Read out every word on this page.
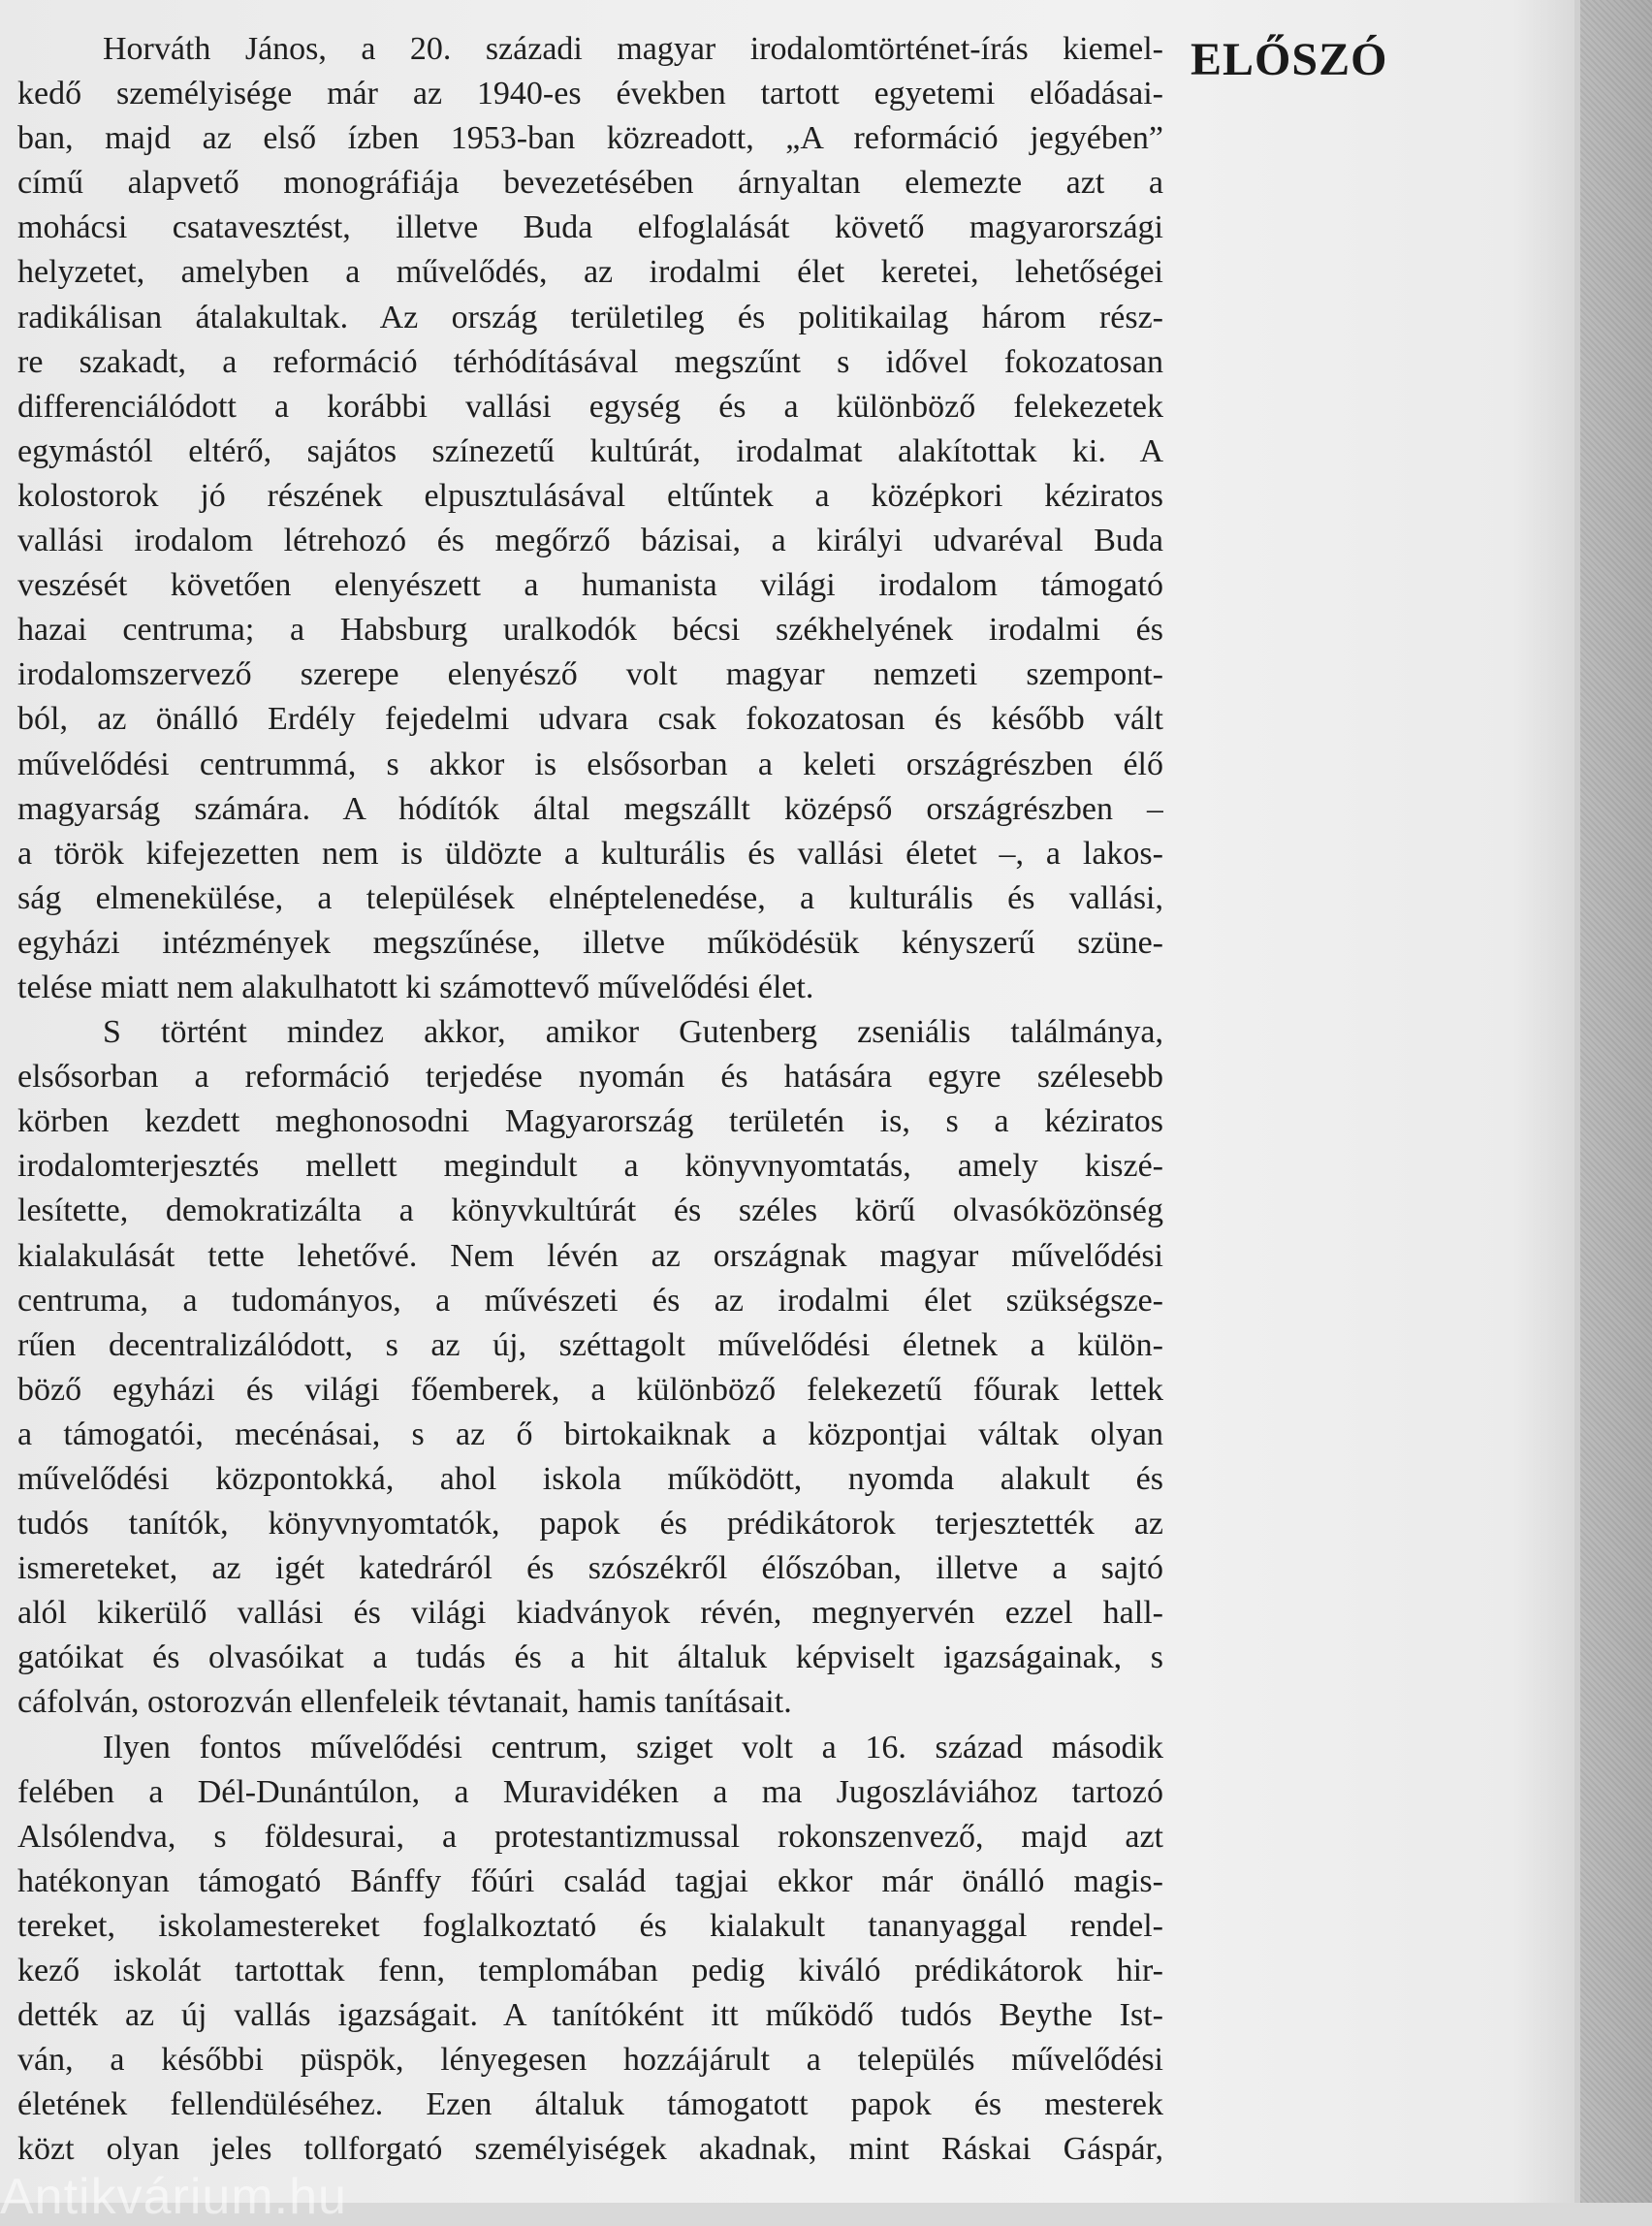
ELŐSZÓ
Horváth János, a 20. századi magyar irodalomtörténet-írás kiemel-
kedő személyisége már az 1940-es években tartott egyetemi előadásai-
ban, majd az első ízben 1953-ban közreadott, „A reformáció jegyében”
című alapvető monográfiája bevezetésében árnyaltan elemezte azt a
mohácsi csatavesztést, illetve Buda elfoglalását követő magyarországi
helyzetet, amelyben a művelődés, az irodalmi élet keretei, lehetőségei
radikálisan átalakultak. Az ország területileg és politikailag három rész-
re szakadt, a reformáció térhódításával megszűnt s idővel fokozatosan
differenciálódott a korábbi vallási egység és a különböző felekezetek
egymástól eltérő, sajátos színezetű kultúrát, irodalmat alakítottak ki. A
kolostorok jó részének elpusztulásával eltűntek a középkori kéziratos
vallási irodalom létrehozó és megőrző bázisai, a királyi udvaréval Buda
veszését követően elenyészett a humanista világi irodalom támogató
hazai centruma; a Habsburg uralkodók bécsi székhelyének irodalmi és
irodalomszervező szerepe elenyésző volt magyar nemzeti szempont-
ból, az önálló Erdély fejedelmi udvara csak fokozatosan és később vált
művelődési centrummá, s akkor is elsősorban a keleti országrészben élő
magyarság számára. A hódítók által megszállt középső országrészben –
a török kifejezetten nem is üldözte a kulturális és vallási életet –, a lakos-
ság elmenekülése, a települések elnéptelenedése, a kulturális és vallási,
egyházi intézmények megszűnése, illetve működésük kényszerű szüne-
telése miatt nem alakulhatott ki számottevő művelődési élet.
S történt mindez akkor, amikor Gutenberg zseniális találmánya,
elsősorban a reformáció terjedése nyomán és hatására egyre szélesebb
körben kezdett meghonosodni Magyarország területén is, s a kéziratos
irodalomterjesztés mellett megindult a könyvnyomtatás, amely kiszé-
lesítette, demokratizálta a könyvkultúrát és széles körű olvasóközönség
kialakulását tette lehetővé. Nem lévén az országnak magyar művelődési
centruma, a tudományos, a művészeti és az irodalmi élet szükségsze-
rűen decentralizálódott, s az új, széttagolt művelődési életnek a külön-
böző egyházi és világi főemberek, a különböző felekezetű főurak lettek
a támogatói, mecénásai, s az ő birtokaiknak a központjai váltak olyan
művelődési központokká, ahol iskola működött, nyomda alakult és
tudós tanítók, könyvnyomtatók, papok és prédikátorok terjesztették az
ismereteket, az igét katedráról és szószékről élőszóban, illetve a sajtó
alól kikerülő vallási és világi kiadványok révén, megnyervén ezzel hall-
gatóikat és olvasóikat a tudás és a hit általuk képviselt igazságainak, s
cáfolván, ostorozván ellenfeleik tévtanait, hamis tanításait.
Ilyen fontos művelődési centrum, sziget volt a 16. század második
felében a Dél-Dunántúlon, a Muravidéken a ma Jugoszláviához tartozó
Alsólendva, s földesurai, a protestantizmussal rokonszenvező, majd azt
hatékonyan támogató Bánffy főúri család tagjai ekkor már önálló magis-
tereket, iskolamestereket foglalkoztató és kialakult tananyaggal rendel-
kező iskolát tartottak fenn, templomában pedig kiváló prédikátorok hir-
dették az új vallás igazságait. A tanítóként itt működő tudós Beythe Ist-
ván, a későbbi püspök, lényegesen hozzájárult a település művelődési
életének fellendüléséhez. Ezen általuk támogatott papok és mesterek
közt olyan jeles tollforgató személyiségek akadnak, mint Ráskai Gáspár,
Antikvárium.hu
